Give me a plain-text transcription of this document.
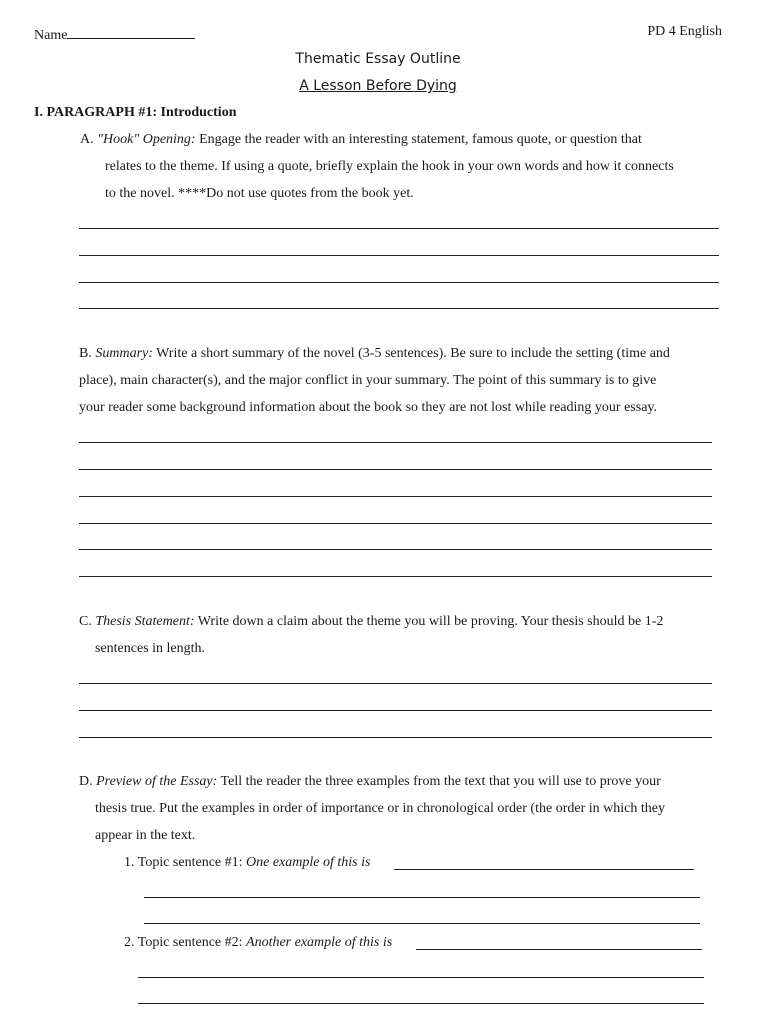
Name	PD 4 English
Thematic Essay Outline
A Lesson Before Dying
I. PARAGRAPH #1: Introduction
A. "Hook" Opening: Engage the reader with an interesting statement, famous quote, or question that
relates to the theme. If using a quote, briefly explain the hook in your own words and how it connects
to the novel. ****Do not use quotes from the book yet.
B. Summary: Write a short summary of the novel (3-5 sentences). Be sure to include the setting (time and
place), main character(s), and the major conflict in your summary. The point of this summary is to give
your reader some background information about the book so they are not lost while reading your essay.
C. Thesis Statement: Write down a claim about the theme you will be proving. Your thesis should be 1-2
sentences in length.
D. Preview of the Essay: Tell the reader the three examples from the text that you will use to prove your
thesis true. Put the examples in order of importance or in chronological order (the order in which they
appear in the text.
1. Topic sentence #1: One example of this is
2. Topic sentence #2: Another example of this is
